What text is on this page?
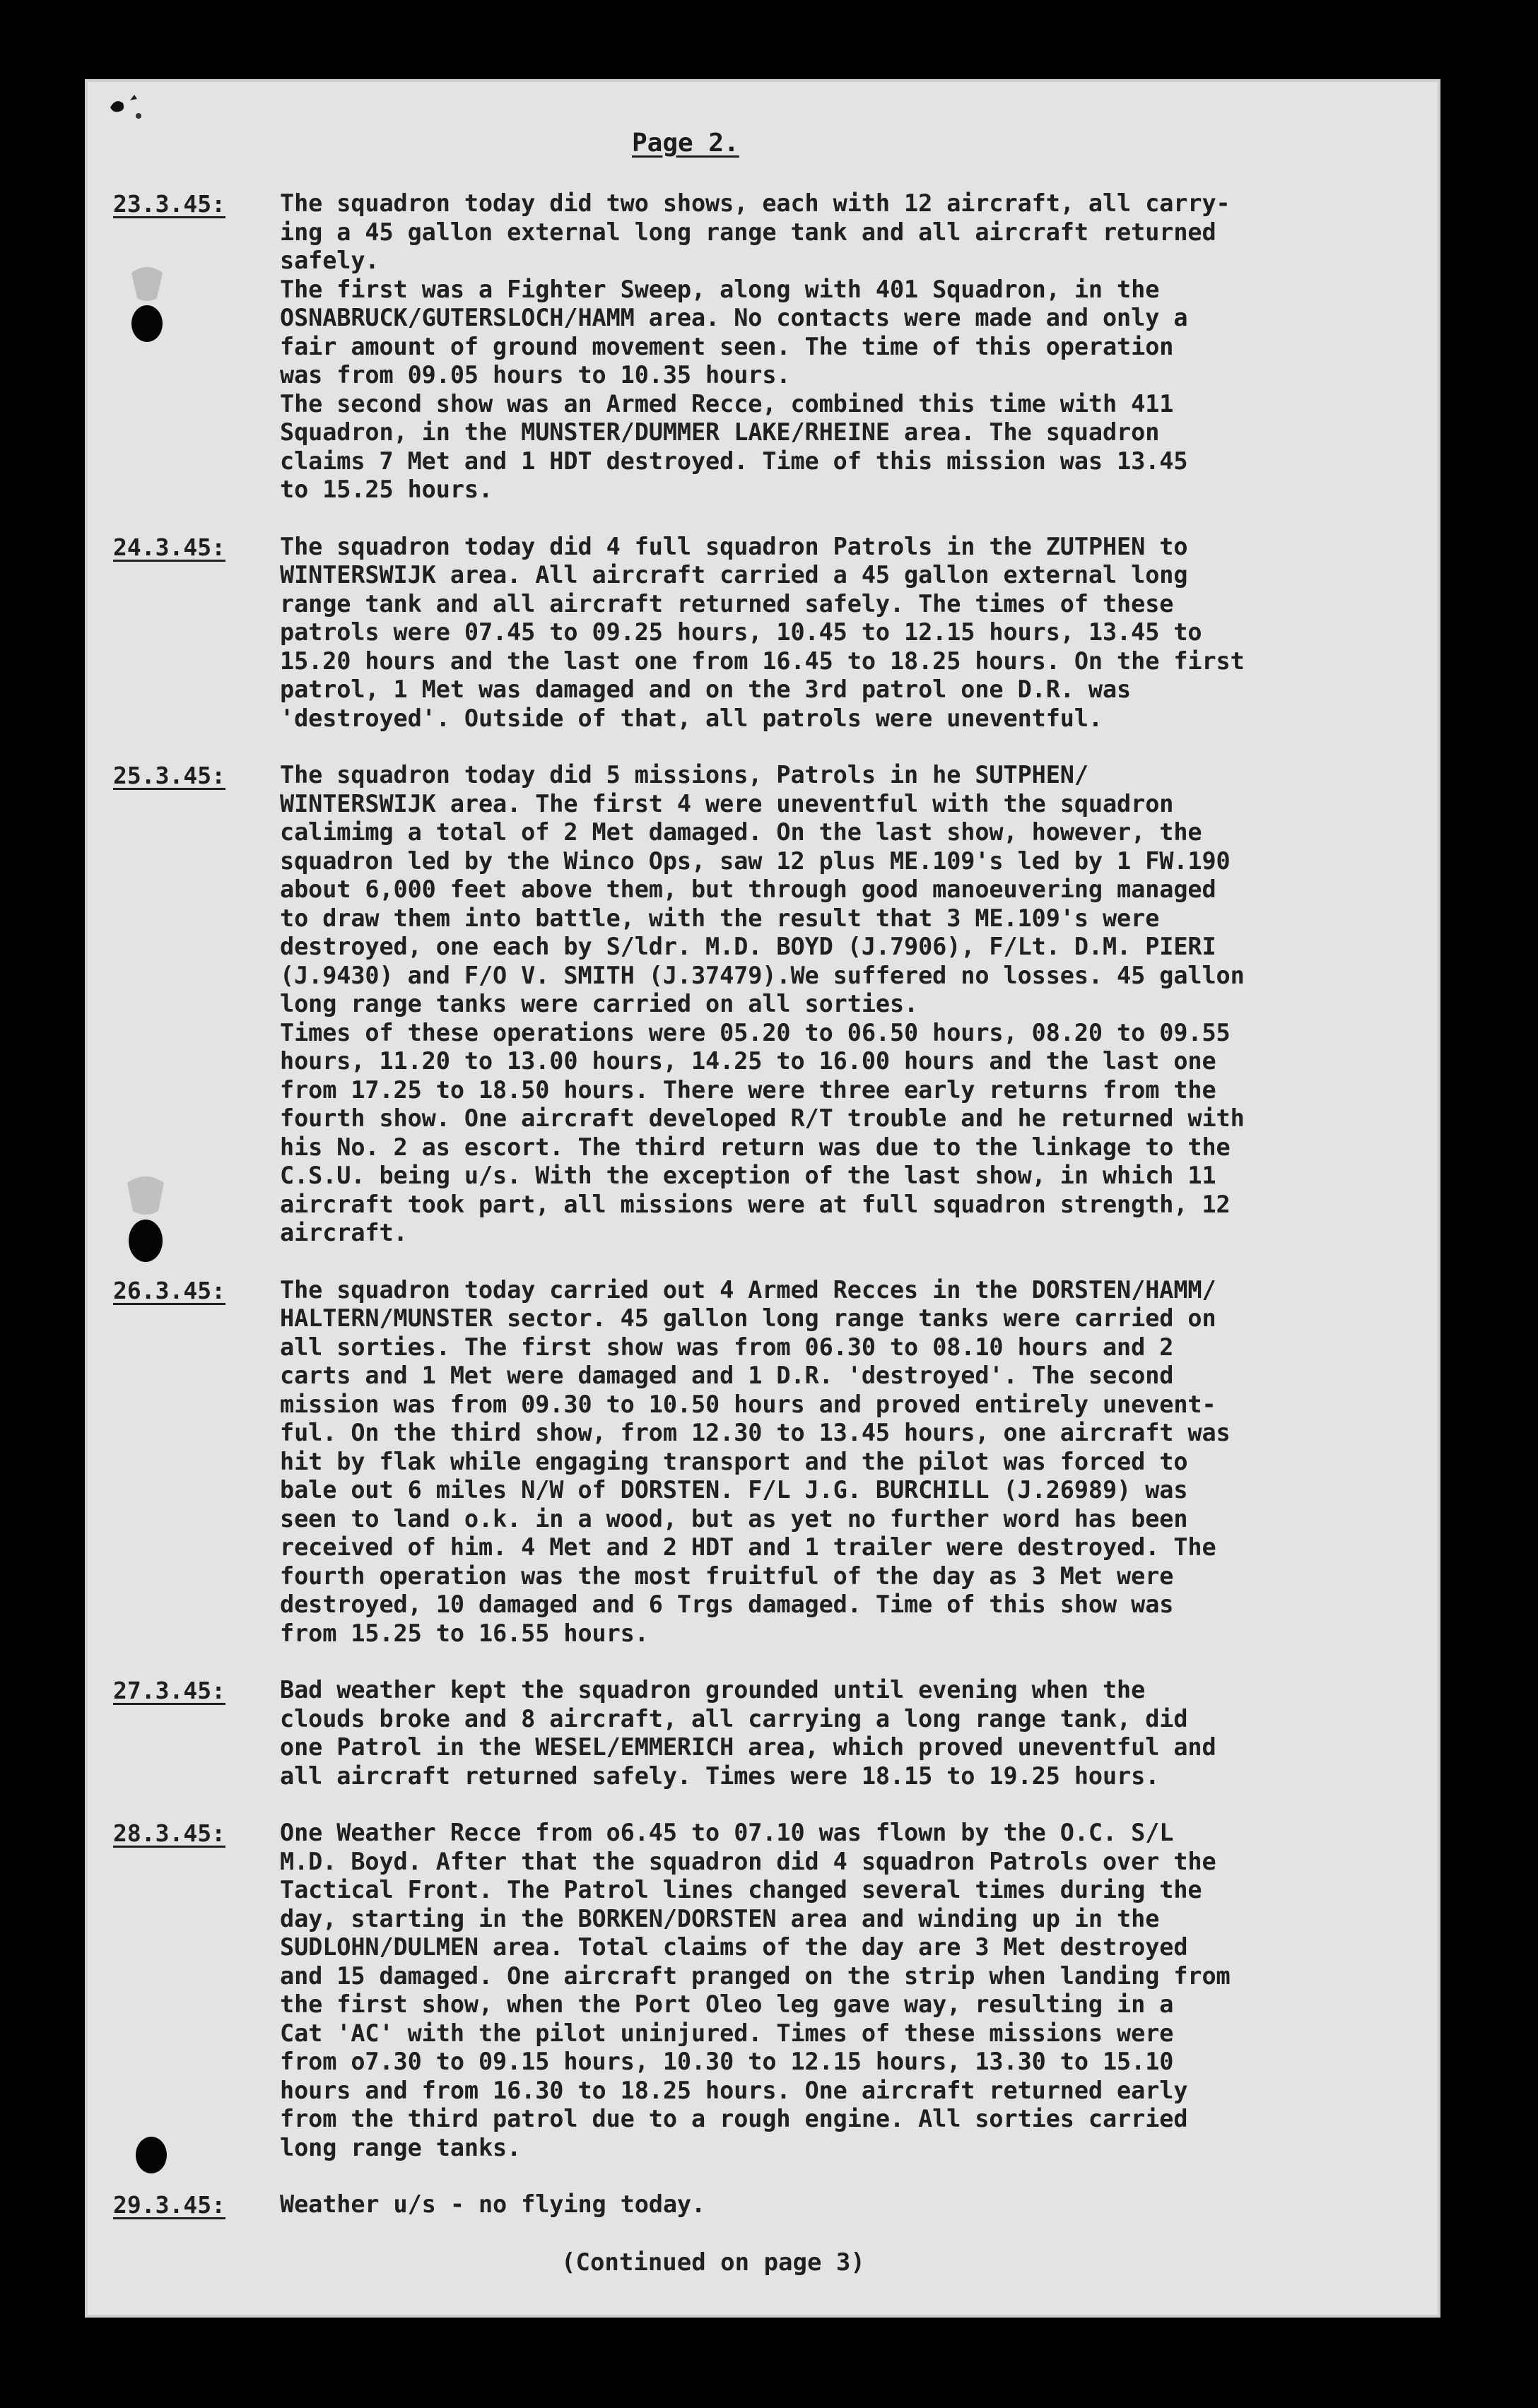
Page 2.
23.3.45:	The squadron today did two shows, each with 12 aircraft, all carry-
ing a 45 gallon external long range tank and all aircraft returned
safely.
The first was a Fighter Sweep, along with 401 Squadron, in the
OSNABRUCK/GUTERSLOCH/HAMM area. No contacts were made and only a
fair amount of ground movement seen. The time of this operation
was from 09.05 hours to 10.35 hours.
The second show was an Armed Recce, combined this time with 411
Squadron, in the MUNSTER/DUMMER LAKE/RHEINE area. The squadron
claims 7 Met and 1 HDT destroyed. Time of this mission was 13.45
to 15.25 hours.
24.3.45:	The squadron today did 4 full squadron Patrols in the ZUTPHEN to
WINTERSWIJK area. All aircraft carried a 45 gallon external long
range tank and all aircraft returned safely. The times of these
patrols were 07.45 to 09.25 hours, 10.45 to 12.15 hours, 13.45 to
15.20 hours and the last one from 16.45 to 18.25 hours. On the first
patrol, 1 Met was damaged and on the 3rd patrol one D.R. was
'destroyed'. Outside of that, all patrols were uneventful.
25.3.45:	The squadron today did 5 missions, Patrols in he SUTPHEN/
WINTERSWIJK area. The first 4 were uneventful with the squadron
calimimg a total of 2 Met damaged. On the last show, however, the
squadron led by the Winco Ops, saw 12 plus ME.109's led by 1 FW.190
about 6,000 feet above them, but through good manoeuvering managed
to draw them into battle, with the result that 3 ME.109's were
destroyed, one each by S/ldr. M.D. BOYD (J.7906), F/Lt. D.M. PIERI
(J.9430) and F/O V. SMITH (J.37479).We suffered no losses. 45 gallon
long range tanks were carried on all sorties.
Times of these operations were 05.20 to 06.50 hours, 08.20 to 09.55
hours, 11.20 to 13.00 hours, 14.25 to 16.00 hours and the last one
from 17.25 to 18.50 hours. There were three early returns from the
fourth show. One aircraft developed R/T trouble and he returned with
his No. 2 as escort. The third return was due to the linkage to the
C.S.U. being u/s. With the exception of the last show, in which 11
aircraft took part, all missions were at full squadron strength, 12
aircraft.
26.3.45:	The squadron today carried out 4 Armed Recces in the DORSTEN/HAMM/
HALTERN/MUNSTER sector. 45 gallon long range tanks were carried on
all sorties. The first show was from 06.30 to 08.10 hours and 2
carts and 1 Met were damaged and 1 D.R. 'destroyed'. The second
mission was from 09.30 to 10.50 hours and proved entirely unevent-
ful. On the third show, from 12.30 to 13.45 hours, one aircraft was
hit by flak while engaging transport and the pilot was forced to
bale out 6 miles N/W of DORSTEN. F/L J.G. BURCHILL (J.26989) was
seen to land o.k. in a wood, but as yet no further word has been
received of him. 4 Met and 2 HDT and 1 trailer were destroyed. The
fourth operation was the most fruitful of the day as 3 Met were
destroyed, 10 damaged and 6 Trgs damaged. Time of this show was
from 15.25 to 16.55 hours.
27.3.45:	Bad weather kept the squadron grounded until evening when the
clouds broke and 8 aircraft, all carrying a long range tank, did
one Patrol in the WESEL/EMMERICH area, which proved uneventful and
all aircraft returned safely. Times were 18.15 to 19.25 hours.
28.3.45:	One Weather Recce from o6.45 to 07.10 was flown by the O.C. S/L
M.D. Boyd. After that the squadron did 4 squadron Patrols over the
Tactical Front. The Patrol lines changed several times during the
day, starting in the BORKEN/DORSTEN area and winding up in the
SUDLOHN/DULMEN area. Total claims of the day are 3 Met destroyed
and 15 damaged. One aircraft pranged on the strip when landing from
the first show, when the Port Oleo leg gave way, resulting in a
Cat 'AC' with the pilot uninjured. Times of these missions were
from o7.30 to 09.15 hours, 10.30 to 12.15 hours, 13.30 to 15.10
hours and from 16.30 to 18.25 hours. One aircraft returned early
from the third patrol due to a rough engine. All sorties carried
long range tanks.
29.3.45:	Weather u/s - no flying today.
(Continued on page 3)
